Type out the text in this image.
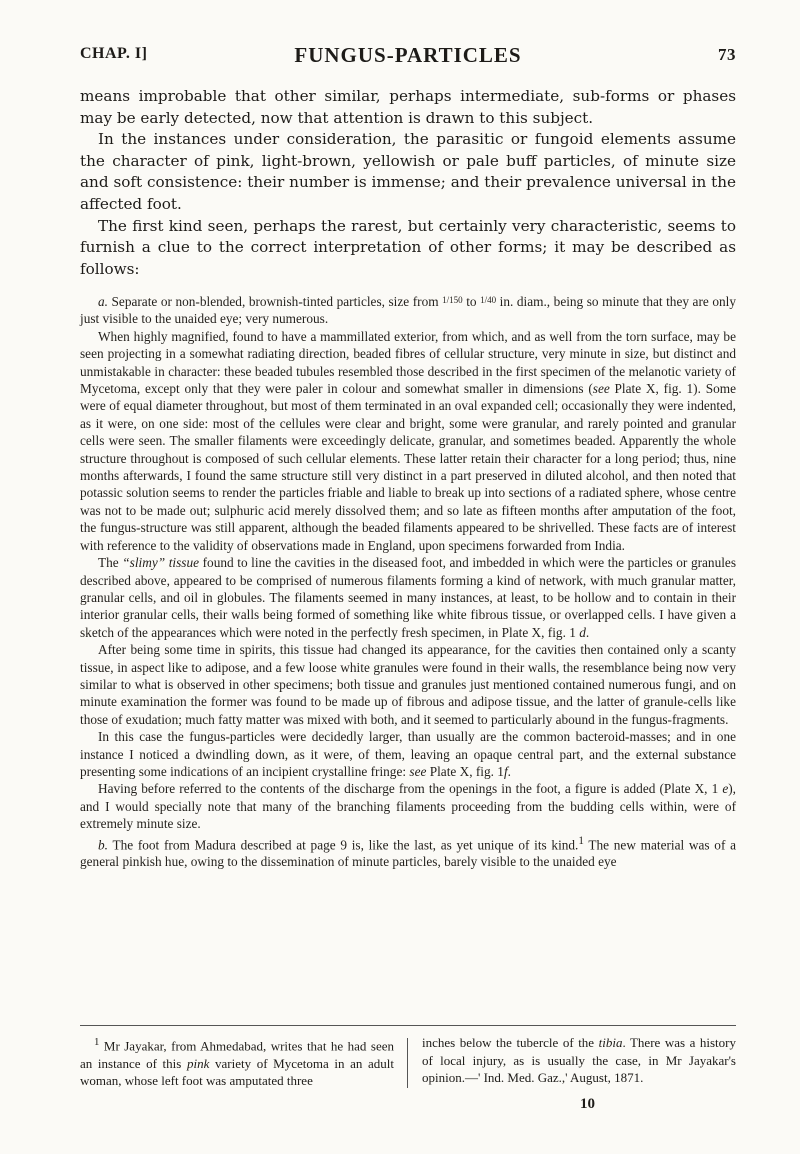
CHAP. I]	FUNGUS-PARTICLES	73

means improbable that other similar, perhaps intermediate, sub-forms or phases may be early detected, now that attention is drawn to this subject.

In the instances under consideration, the parasitic or fungoid elements assume the character of pink, light-brown, yellowish or pale buff particles, of minute size and soft consistence: their number is immense; and their prevalence universal in the affected foot.

The first kind seen, perhaps the rarest, but certainly very characteristic, seems to furnish a clue to the correct interpretation of other forms; it may be described as follows:

a. Separate or non-blended, brownish-tinted particles, size from $^{1/150}$ to $^{1/40}$ in. diam., being so minute that they are only just visible to the unaided eye; very numerous.

When highly magnified, found to have a mammillated exterior, from which, and as well from the torn surface, may be seen projecting in a somewhat radiating direction, beaded fibres of cellular structure, very minute in size, but distinct and unmistakable in character: these beaded tubules resembled those described in the first specimen of the melanotic variety of Mycetoma, except only that they were paler in colour and somewhat smaller in dimensions (see Plate X, fig. 1). Some were of equal diameter throughout, but most of them terminated in an oval expanded cell; occasionally they were indented, as it were, on one side: most of the cellules were clear and bright, some were granular, and rarely pointed and granular cells were seen. The smaller filaments were exceedingly delicate, granular, and sometimes beaded. Apparently the whole structure throughout is composed of such cellular elements. These latter retain their character for a long period; thus, nine months afterwards, I found the same structure still very distinct in a part preserved in diluted alcohol, and then noted that potassic solution seems to render the particles friable and liable to break up into sections of a radiated sphere, whose centre was not to be made out; sulphuric acid merely dissolved them; and so late as fifteen months after amputation of the foot, the fungus-structure was still apparent, although the beaded filaments appeared to be shrivelled. These facts are of interest with reference to the validity of observations made in England, upon specimens forwarded from India.

The “slimy” tissue found to line the cavities in the diseased foot, and imbedded in which were the particles or granules described above, appeared to be comprised of numerous filaments forming a kind of network, with much granular matter, granular cells, and oil in globules. The filaments seemed in many instances, at least, to be hollow and to contain in their interior granular cells, their walls being formed of something like white fibrous tissue, or overlapped cells. I have given a sketch of the appearances which were noted in the perfectly fresh specimen, in Plate X, fig. 1 d.

After being some time in spirits, this tissue had changed its appearance, for the cavities then contained only a scanty tissue, in aspect like to adipose, and a few loose white granules were found in their walls, the resemblance being now very similar to what is observed in other specimens; both tissue and granules just mentioned contained numerous fungi, and on minute examination the former was found to be made up of fibrous and adipose tissue, and the latter of granule-cells like those of exudation; much fatty matter was mixed with both, and it seemed to particularly abound in the fungus-fragments.

In this case the fungus-particles were decidedly larger, than usually are the common bacteroid-masses; and in one instance I noticed a dwindling down, as it were, of them, leaving an opaque central part, and the external substance presenting some indications of an incipient crystalline fringe: see Plate X, fig. 1f.

Having before referred to the contents of the discharge from the openings in the foot, a figure is added (Plate X, 1 e), and I would specially note that many of the branching filaments proceeding from the budding cells within, were of extremely minute size.

b. The foot from Madura described at page 9 is, like the last, as yet unique of its kind.$^1$ The new material was of a general pinkish hue, owing to the dissemination of minute particles, barely visible to the unaided eye

$^1$ Mr Jayakar, from Ahmedabad, writes that he had seen an instance of this pink variety of Mycetoma in an adult woman, whose left foot was amputated three
inches below the tubercle of the tibia. There was a history of local injury, as is usually the case, in Mr Jayakar's opinion.—' Ind. Med. Gaz.,' August, 1871.
10
